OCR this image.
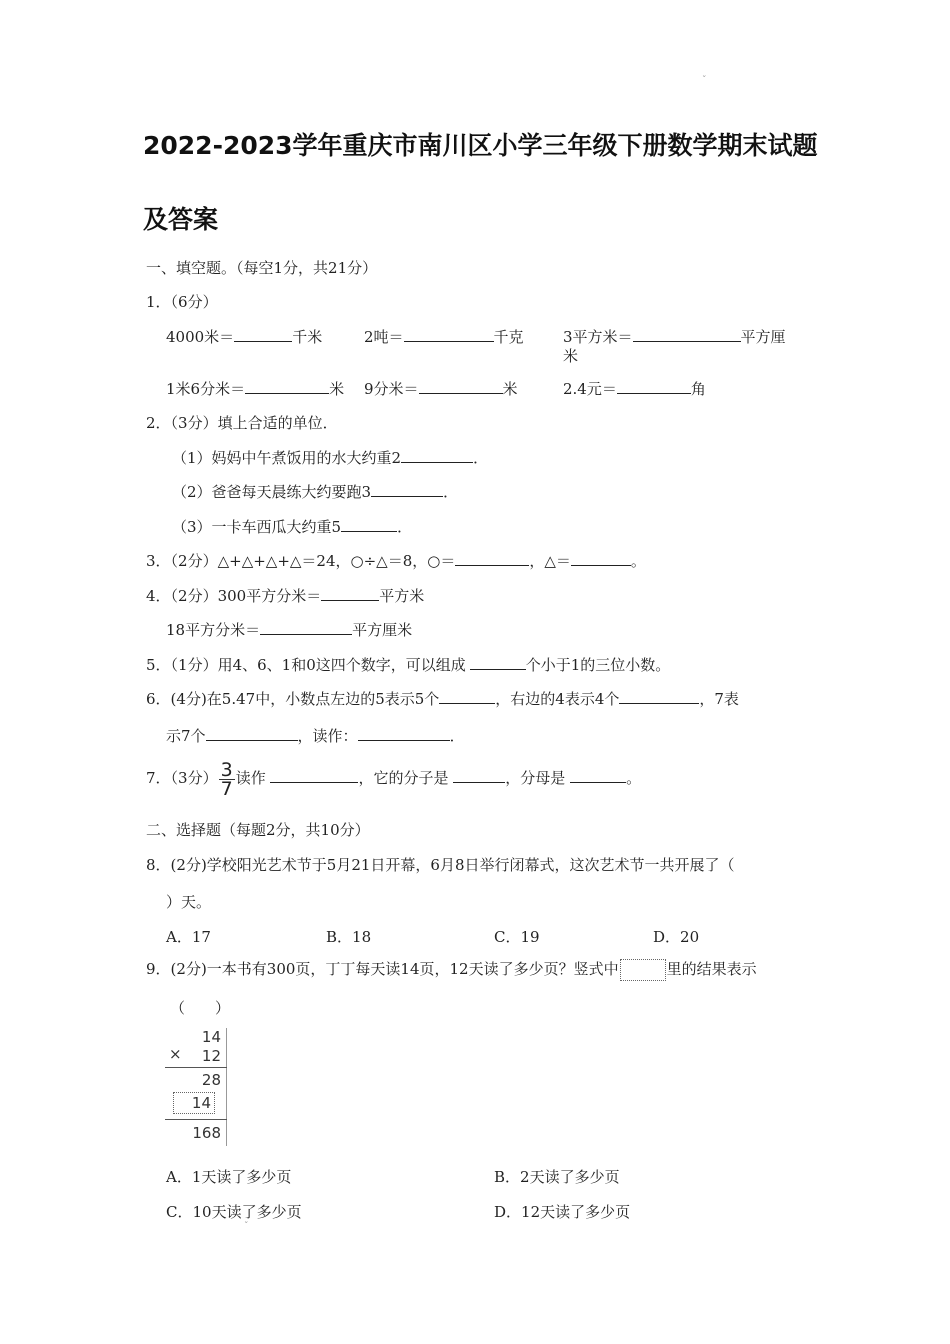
ˇ
2022-2023学年重庆市南川区小学三年级下册数学期末试题
及答案
一、填空题。（每空1分，共21分）
1．（6分）
4000米＝	千米	2吨＝	千克	3平方米＝	平方厘
米
1米6分米＝	米 9分米＝	米	2.4元＝	角
2．（3分）填上合适的单位．
（1）妈妈中午煮饭用的水大约重2	．
（2）爸爸每天晨练大约要跑3	．
（3）一卡车西瓜大约重5	．
3．（2分）△+△+△+△＝24，○÷△＝8，○＝	，△＝	。
4．（2分）300平方分米＝	平方米
18平方分米＝	平方厘米
5．（1分）用4、6、1和0这四个数字，可以组成	个小于1的三位小数。
6．(4分)在5.47中，小数点左边的5表示5个	，右边的4表示4个	，7表
示7个	，读作：	．
7．（3分） $\frac{3}{7}$ 读作	，它的分子是	，分母是	。
二、选择题（每题2分，共10分）
8．(2分)学校阳光艺术节于5月21日开幕，6月8日举行闭幕式，这次艺术节一共开展了（
）天。
A．17	B．18	C．19	D．20
9．(2分)一本书有300页，丁丁每天读14页，12天读了多少页？竖式中	里的结果表示
（　　）
14
× 12
28
14
168
A．1天读了多少页	B．2天读了多少页
C．10天读了多少页	D．12天读了多少页
ˇ
